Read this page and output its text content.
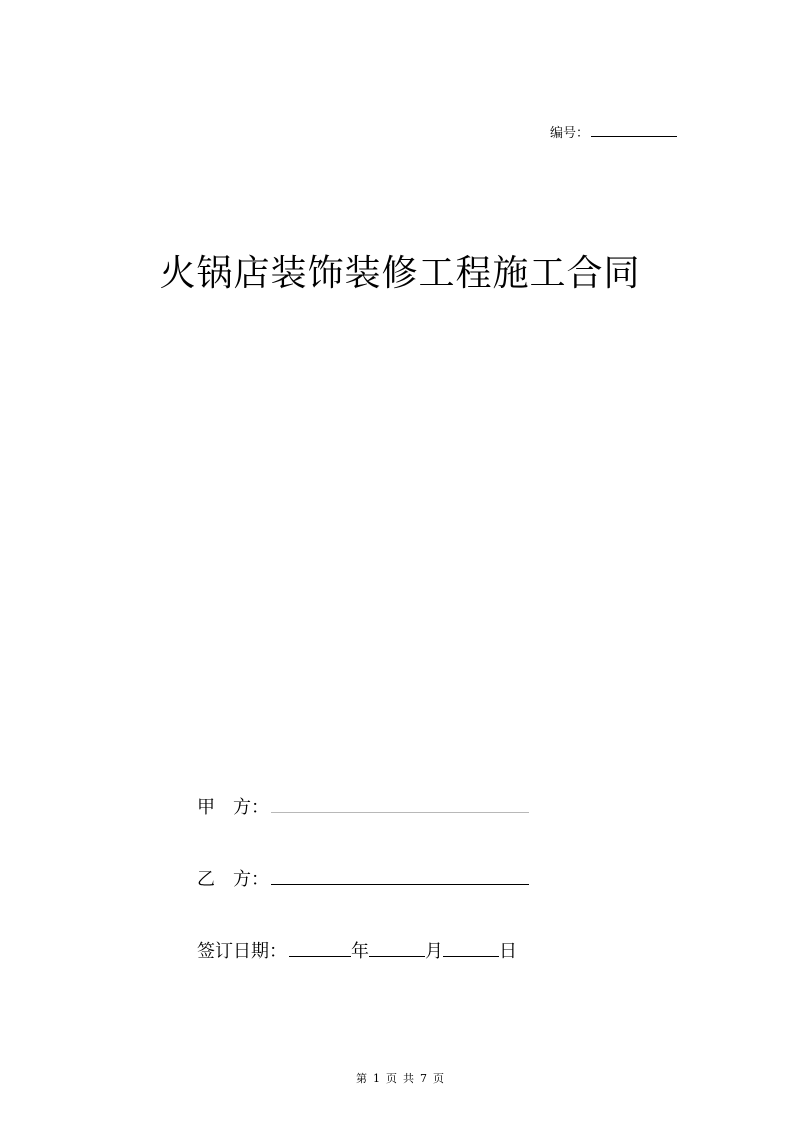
编号：
火锅店装饰装修工程施工合同
甲　方：
乙　方：
签订日期：	年	月	日
第 1 页 共 7 页
